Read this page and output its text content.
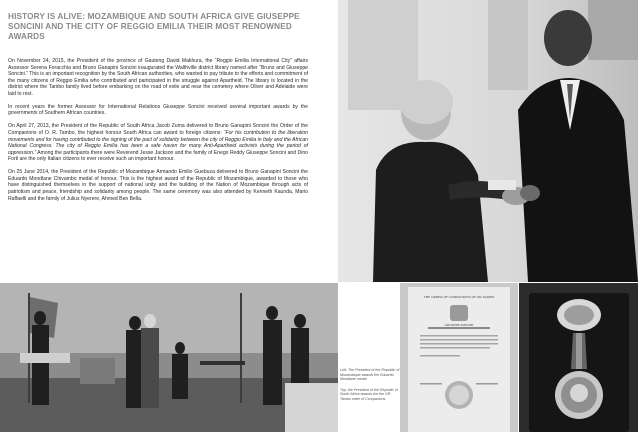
HISTORY IS ALIVE: MOZAMBIQUE AND SOUTH AFRICA GIVE GIUSEPPE SONCINI AND THE CITY OF REGGIO EMILIA THEIR MOST RENOWNED AWARDS

On November 24, 2015, the President of the province of Gauteng David Makhura, the “Reggio Emilia International City” affairs Assessor Serena Foracchia and Bruno Ganapini Soncini inaugurated the Walthville district library named after “Bruno and Giuseppe Soncini.” This is an important recognition by the South African authorities, who wanted to pay tribute to the efforts and commitment of the many citizens of Reggio Emilia who contributed and participated in the struggle against Apartheid. The library is located in the district where the Tambo family lived before embarking on the road of exile and near the cemetery where Oliver and Adelaide were laid to rest.

In recent years the former Assessor for International Relations Giuseppe Soncini received several important awards by the governments of Southern African countries.

On April 27, 2013, the President of the Republic of South Africa Jacob Zuma delivered to Bruno Ganapini Soncini the Order of the Companions of O. R. Tambo, the highest honour South Africa can award to foreign citizens: “For his contribution to the liberation movements and for having contributed to the signing of the pact of solidarity between the city of Reggio Emilia in Italy and the African National Congress. The city of Reggio Emilia has been a safe haven for many Anti-Apartheid activists during the period of oppression.” Among the participants there were Reverend Jesse Jackson and the family of Enego Reddy Giuseppe Soncini and Dino Forti are the only Italian citizens to ever receive such an important honour.

On 25 June 2014, the President of the Republic of Mozambique Armando Emilio Guebuza delivered to Bruno Ganapini Soncini the Eduardo Mondlane Chivambo medal of honour. This is the highest award of the Republic of Mozambique, awarded to those who have distinguished themselves in the support of national unity and the building of the Nation of Mozambique through acts of patriotism and peace, friendship and solidarity among people. The same ceremony was also attended by Kenneth Kaunda, Mario Raffaelli and the family of Julius Nyerere, Ahmed Ben Bella.

Left. The President of the Republic of Mozambique awards the Eduardo Mondlane medal

Top. the President of the Republic of South Africa awards the the OR Tambo order of Companions

THE ORDER OF COMPANIONS OF OR TAMBO
GIUSEPPE SONCINI
